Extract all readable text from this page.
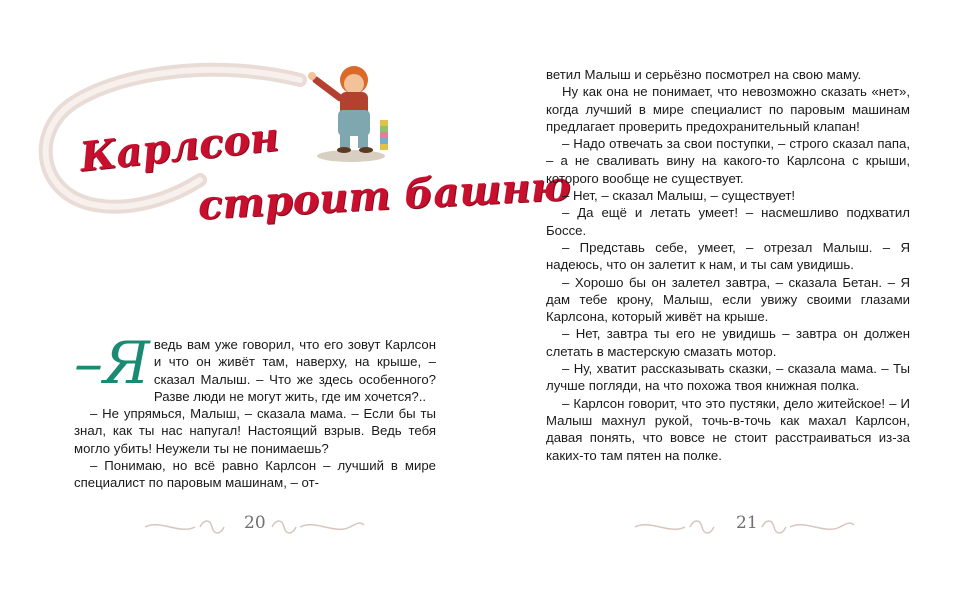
Карлсон
строит башню

–Я ведь вам уже говорил, что его зовут Карлсон и что он живёт там, наверху, на крыше, – сказал Малыш. – Что же здесь особенного? Разве люди не могут жить, где им хочется?..

– Не упрямься, Малыш, – сказала мама. – Если бы ты знал, как ты нас напугал! Настоящий взрыв. Ведь тебя могло убить! Неужели ты не понимаешь?

– Понимаю, но всё равно Карлсон – лучший в мире специалист по паровым машинам, – от-

20

ветил Малыш и серьёзно посмотрел на свою маму.

Ну как она не понимает, что невозможно сказать «нет», когда лучший в мире специалист по паровым машинам предлагает проверить предохранительный клапан!

– Надо отвечать за свои поступки, – строго сказал папа, – а не сваливать вину на какого-то Карлсона с крыши, которого вообще не существует.

– Нет, – сказал Малыш, – существует!

– Да ещё и летать умеет! – насмешливо подхватил Боссе.

– Представь себе, умеет, – отрезал Малыш. – Я надеюсь, что он залетит к нам, и ты сам увидишь.

– Хорошо бы он залетел завтра, – сказала Бетан. – Я дам тебе крону, Малыш, если увижу своими глазами Карлсона, который живёт на крыше.

– Нет, завтра ты его не увидишь – завтра он должен слетать в мастерскую смазать мотор.

– Ну, хватит рассказывать сказки, – сказала мама. – Ты лучше погляди, на что похожа твоя книжная полка.

– Карлсон говорит, что это пустяки, дело житейское! – И Малыш махнул рукой, точь-в-точь как махал Карлсон, давая понять, что вовсе не стоит расстраиваться из-за каких-то там пятен на полке.

21
